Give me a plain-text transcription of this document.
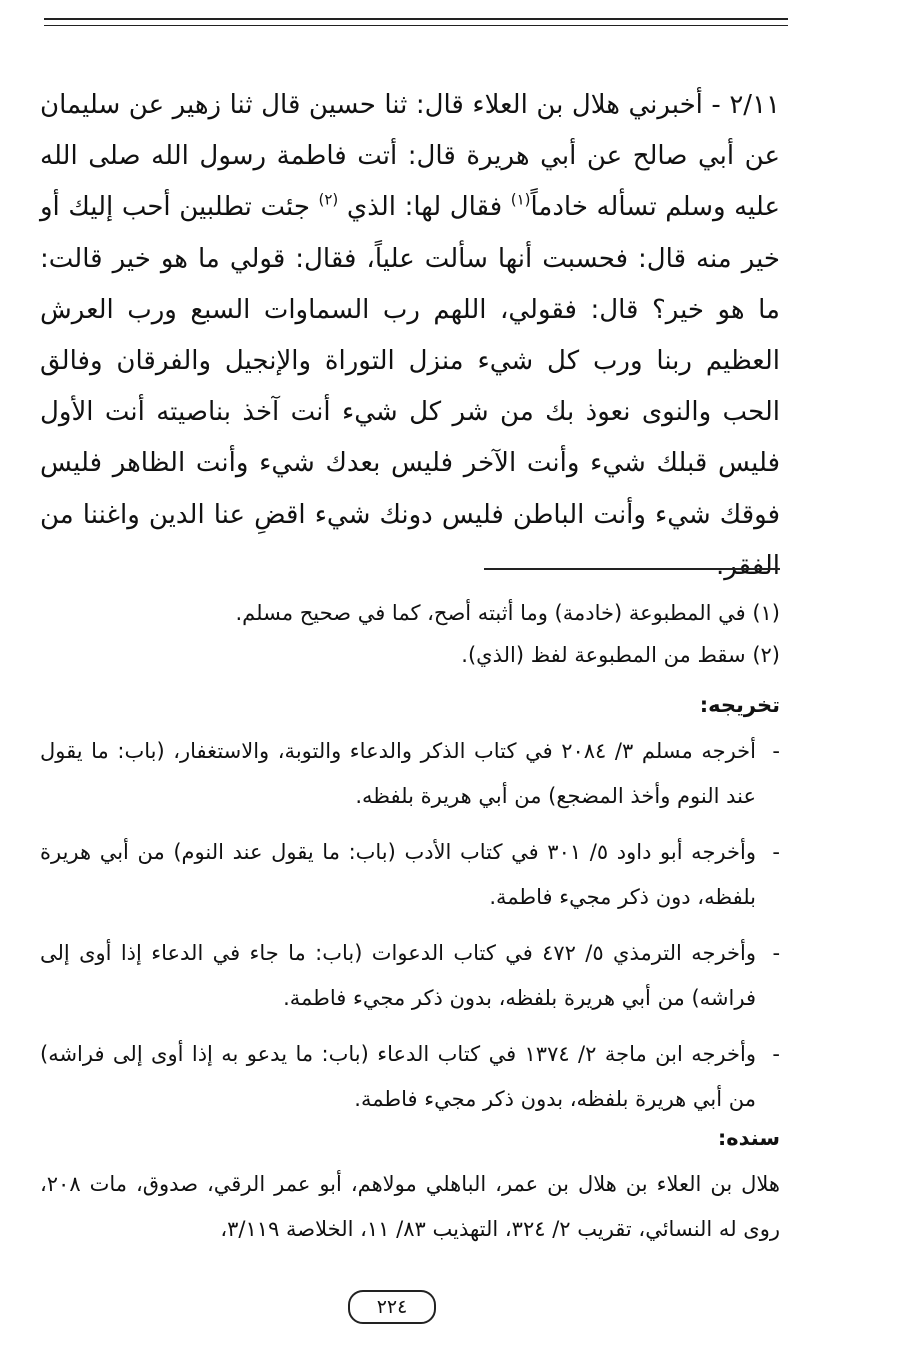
٢/١١ - أخبرني هلال بن العلاء قال: ثنا حسين قال ثنا زهير عن سليمان عن أبي صالح عن أبي هريرة قال: أتت فاطمة رسول الله صلى الله عليه وسلم تسأله خادماً$^{(١)}$ فقال لها: الذي $^{(٢)}$ جئت تطلبين أحب إليك أو خير منه قال: فحسبت أنها سألت علياً، فقال: قولي ما هو خير قالت: ما هو خير؟ قال: فقولي، اللهم رب السماوات السبع ورب العرش العظيم ربنا ورب كل شيء منزل التوراة والإنجيل والفرقان وفالق الحب والنوى نعوذ بك من شر كل شيء أنت آخذ بناصيته أنت الأول فليس قبلك شيء وأنت الآخر فليس بعدك شيء وأنت الظاهر فليس فوقك شيء وأنت الباطن فليس دونك شيء اقضِ عنا الدين واغننا من الفقر.

(١) في المطبوعة (خادمة) وما أثبته أصح، كما في صحيح مسلم.

(٢) سقط من المطبوعة لفظ (الذي).

تخريجه:

-أخرجه مسلم ٣/ ٢٠٨٤ في كتاب الذكر والدعاء والتوبة، والاستغفار، (باب: ما يقول عند النوم وأخذ المضجع) من أبي هريرة بلفظه.
-وأخرجه أبو داود ٥/ ٣٠١ في كتاب الأدب (باب: ما يقول عند النوم) من أبي هريرة بلفظه، دون ذكر مجيء فاطمة.
-وأخرجه الترمذي ٥/ ٤٧٢ في كتاب الدعوات (باب: ما جاء في الدعاء إذا أوى إلى فراشه) من أبي هريرة بلفظه، بدون ذكر مجيء فاطمة.
-وأخرجه ابن ماجة ٢/ ١٣٧٤ في كتاب الدعاء (باب: ما يدعو به إذا أوى إلى فراشه) من أبي هريرة بلفظه، بدون ذكر مجيء فاطمة.

سنده:

هلال بن العلاء بن هلال بن عمر، الباهلي مولاهم، أبو عمر الرقي، صدوق، مات ٢٠٨، روى له النسائي، تقريب ٢/ ٣٢٤، التهذيب ٨٣/ ١١، الخلاصة ٣/١١٩،

٢٢٤
